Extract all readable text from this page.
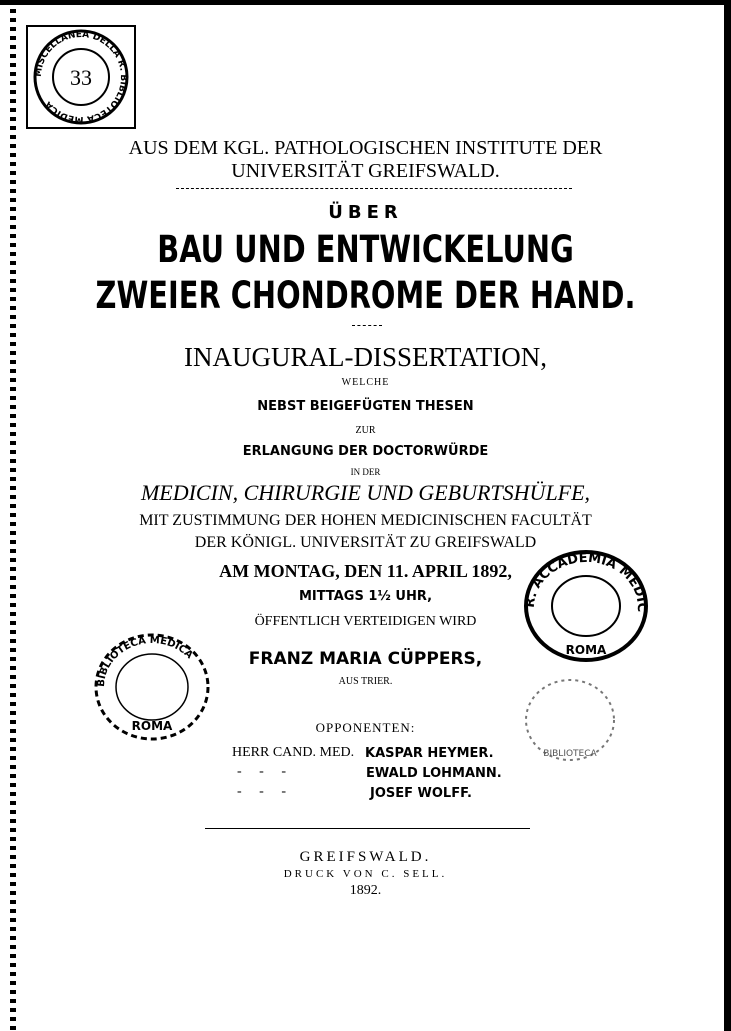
MISCELLANEA DELLA R. BIBLIOTECA MEDICA
33
AUS DEM KGL. PATHOLOGISCHEN INSTITUTE DER
UNIVERSITÄT GREIFSWALD.
ÜBER
BAU UND ENTWICKELUNG
ZWEIER CHONDROME DER HAND.
INAUGURAL-DISSERTATION,
WELCHE
NEBST BEIGEFÜGTEN THESEN
ZUR
ERLANGUNG DER DOCTORWÜRDE
IN DER
MEDICIN, CHIRURGIE UND GEBURTSHÜLFE,
MIT ZUSTIMMUNG DER HOHEN MEDICINISCHEN FACULTÄT
DER KÖNIGL. UNIVERSITÄT ZU GREIFSWALD
AM MONTAG, DEN 11. APRIL 1892,
MITTAGS 1½ UHR,
ÖFFENTLICH VERTEIDIGEN WIRD
R. ACCADEMIA MEDIC
ROMA
BIBLIOTECA MEDICA
ROMA
BIBLIOTECA
FRANZ MARIA CÜPPERS,
AUS TRIER.
OPPONENTEN:
HERR CAND. MED. KASPAR HEYMER.
-     -     -	EWALD LOHMANN.
-     -     -	JOSEF WOLFF.
GREIFSWALD.
DRUCK VON C. SELL.
1892.
